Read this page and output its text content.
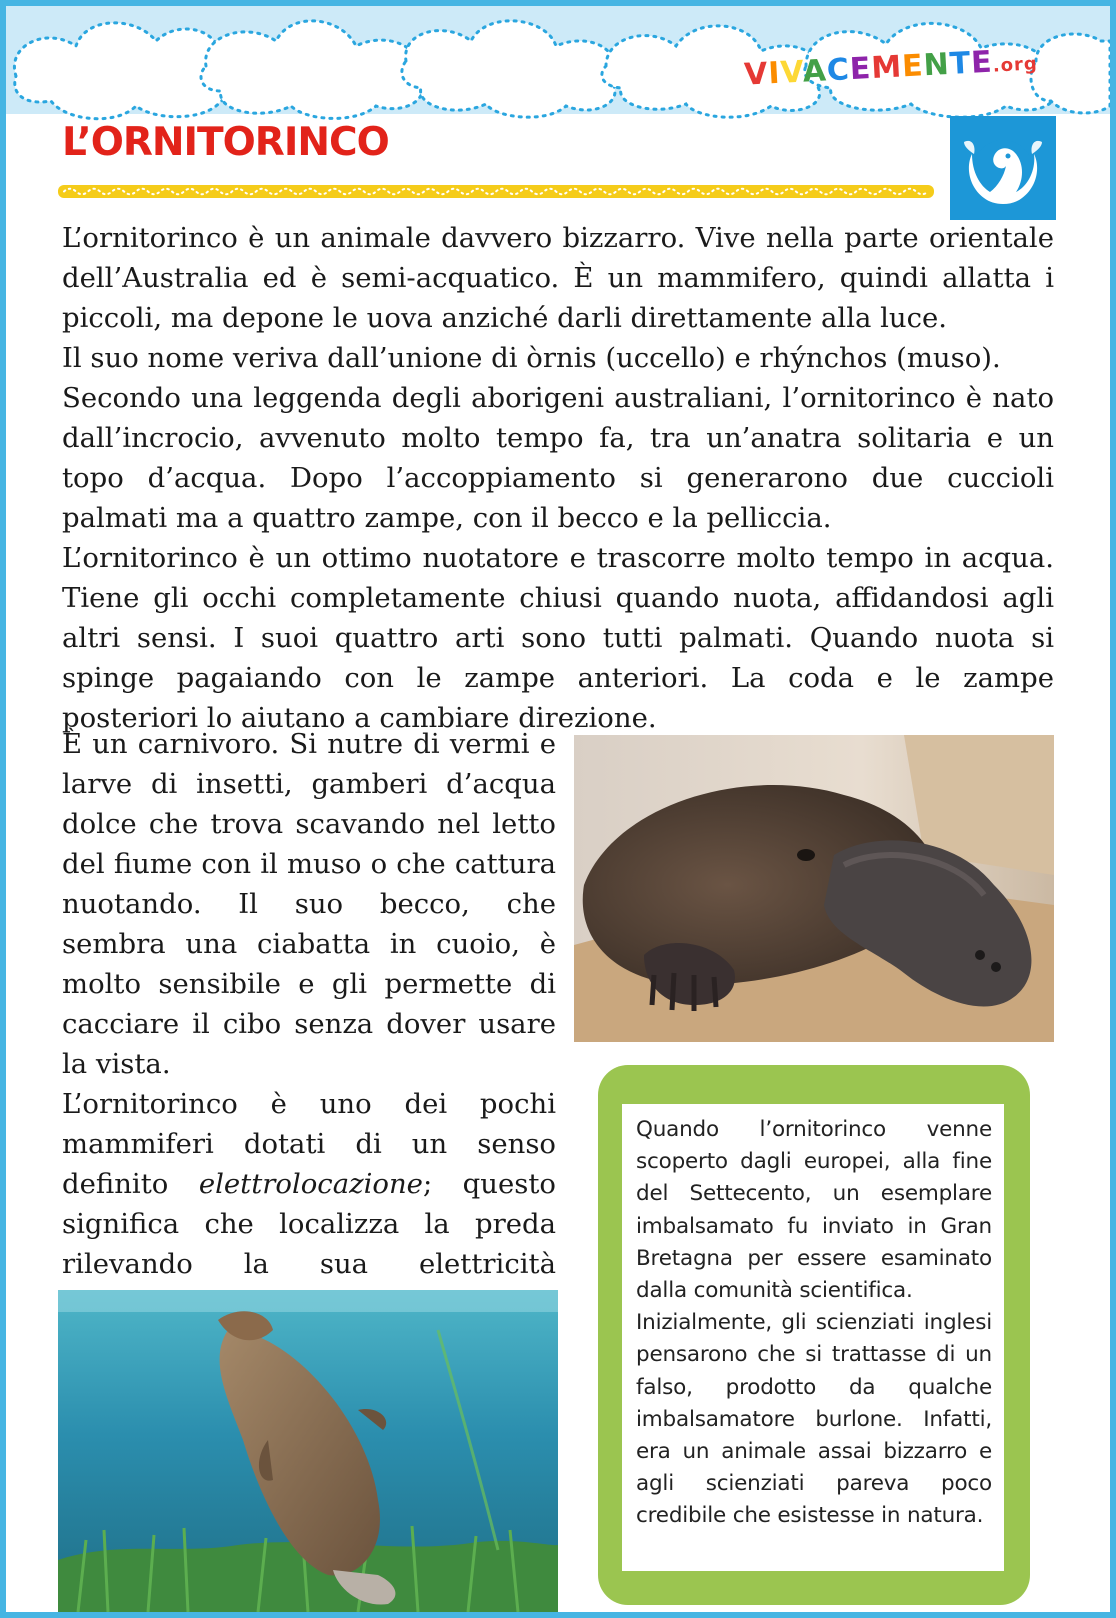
VIVACEMENTE.org
L’ORNITORINCO

L’ornitorinco è un animale davvero bizzarro. Vive nella parte orientale dell’Australia ed è semi-acquatico. È un mammifero, quindi allatta i piccoli, ma depone le uova anziché darli direttamente alla luce.

Il suo nome veriva dall’unione di òrnis (uccello) e rhýnchos (muso).

Secondo una leggenda degli aborigeni australiani, l’ornitorinco è nato dall’incrocio, avvenuto molto tempo fa, tra un’anatra solitaria e un topo d’acqua. Dopo l’accoppiamento si generarono due cuccioli palmati ma a quattro zampe, con il becco e la pelliccia.

L’ornitorinco è un ottimo nuotatore e trascorre molto tempo in acqua. Tiene gli occhi completamente chiusi quando nuota, affidandosi agli altri sensi. I suoi quattro arti sono tutti palmati. Quando nuota si spinge pagaiando con le zampe anteriori. La coda e le zampe posteriori lo aiutano a cambiare direzione.

È un carnivoro. Si nutre di vermi e larve di insetti, gamberi d’acqua dolce che trova scavando nel letto del fiume con il muso o che cattura nuotando. Il suo becco, che sembra una ciabatta in cuoio, è molto sensibile e gli permette di cacciare il cibo senza dover usare la vista.

L’ornitorinco è uno dei pochi mammiferi dotati di un senso definito elettrolocazione; questo significa che localizza la preda rilevando la sua elettricità

Quando l’ornitorinco venne scoperto dagli europei, alla fine del Settecento, un esemplare imbalsamato fu inviato in Gran Bretagna per essere esaminato dalla comunità scientifica.

Inizialmente, gli scienziati inglesi pensarono che si trattasse di un falso, prodotto da qualche imbalsamatore burlone. Infatti, era un animale assai bizzarro e agli scienziati pareva poco credibile che esistesse in natura.
